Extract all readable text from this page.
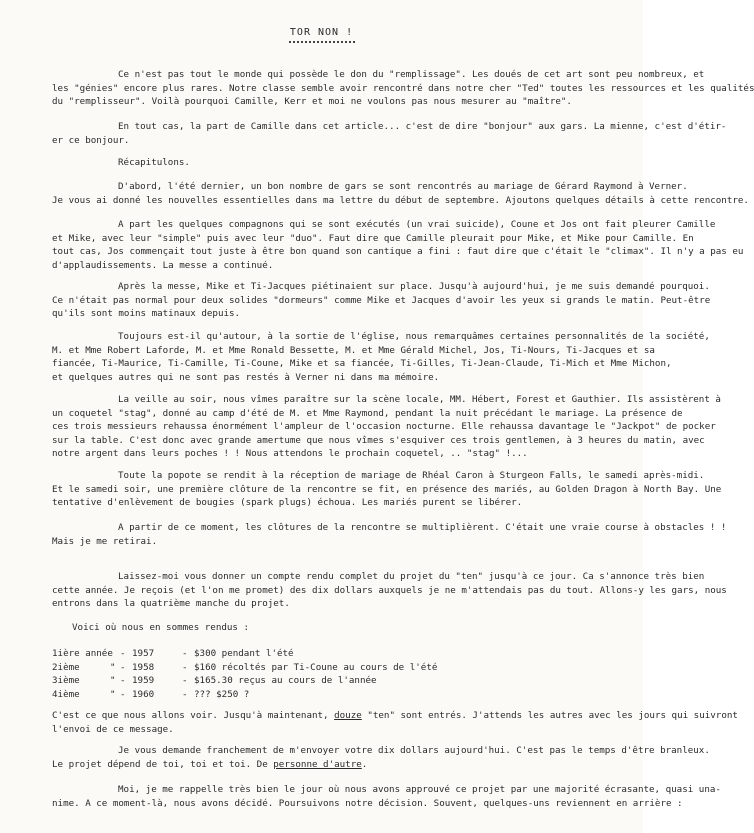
TOR NON !

Ce n'est pas tout le monde qui possède le don du "remplissage". Les doués de cet art sont peu nombreux, et
les "génies" encore plus rares. Notre classe semble avoir rencontré dans notre cher "Ted" toutes les ressources et les qualités
du "remplisseur". Voilà pourquoi Camille, Kerr et moi ne voulons pas nous mesurer au "maître".

En tout cas, la part de Camille dans cet article... c'est de dire "bonjour" aux gars. La mienne, c'est d'étir-
er ce bonjour.

Récapitulons.

D'abord, l'été dernier, un bon nombre de gars se sont rencontrés au mariage de Gérard Raymond à Verner.
Je vous ai donné les nouvelles essentielles dans ma lettre du début de septembre. Ajoutons quelques détails à cette rencontre.

A part les quelques compagnons qui se sont exécutés (un vrai suicide), Coune et Jos ont fait pleurer Camille
et Mike, avec leur "simple" puis avec leur "duo". Faut dire que Camille pleurait pour Mike, et Mike pour Camille. En
tout cas, Jos commençait tout juste à être bon quand son cantique a fini : faut dire que c'était le "climax". Il n'y a pas eu
d'applaudissements. La messe a continué.

Après la messe, Mike et Ti-Jacques piétinaient sur place. Jusqu'à aujourd'hui, je me suis demandé pourquoi.
Ce n'était pas normal pour deux solides "dormeurs" comme Mike et Jacques d'avoir les yeux si grands le matin. Peut-être
qu'ils sont moins matinaux depuis.

Toujours est-il qu'autour, à la sortie de l'église, nous remarquâmes certaines personnalités de la société,
M. et Mme Robert Laforde, M. et Mme Ronald Bessette, M. et Mme Gérald Michel, Jos, Ti-Nours, Ti-Jacques et sa
fiancée, Ti-Maurice, Ti-Camille, Ti-Coune, Mike et sa fiancée, Ti-Gilles, Ti-Jean-Claude, Ti-Mich et Mme Michon,
et quelques autres qui ne sont pas restés à Verner ni dans ma mémoire.

La veille au soir, nous vîmes paraître sur la scène locale, MM. Hébert, Forest et Gauthier. Ils assistèrent à
un coquetel "stag", donné au camp d'été de M. et Mme Raymond, pendant la nuit précédant le mariage. La présence de
ces trois messieurs rehaussa énormément l'ampleur de l'occasion nocturne. Elle rehaussa davantage le "Jackpot" de pocker
sur la table. C'est donc avec grande amertume que nous vîmes s'esquiver ces trois gentlemen, à 3 heures du matin, avec
notre argent dans leurs poches ! ! Nous attendons le prochain coquetel, .. "stag" !...

Toute la popote se rendit à la réception de mariage de Rhéal Caron à Sturgeon Falls, le samedi après-midi.
Et le samedi soir, une première clôture de la rencontre se fit, en présence des mariés, au Golden Dragon à North Bay. Une
tentative d'enlèvement de bougies (spark plugs) échoua. Les mariés purent se libérer.

A partir de ce moment, les clôtures de la rencontre se multiplièrent. C'était une vraie course à obstacles ! !
Mais je me retirai.

Laissez-moi vous donner un compte rendu complet du projet du "ten" jusqu'à ce jour. Ca s'annonce très bien
cette année. Je reçois (et l'on me promet) des dix dollars auxquels je ne m'attendais pas du tout. Allons-y les gars, nous
entrons dans la quatrième manche du projet.

Voici où nous en sommes rendus :

1ière année - 1957	- $300 pendant l'été
2ième	" - 1958	- $160 récoltés par Ti-Coune au cours de l'été
3ième	" - 1959	- $165.30 reçus au cours de l'année
4ième	" - 1960	- ??? $250 ?

C'est ce que nous allons voir. Jusqu'à maintenant, douze "ten" sont entrés. J'attends les autres avec les jours qui suivront
l'envoi de ce message.

Je vous demande franchement de m'envoyer votre dix dollars aujourd'hui. C'est pas le temps d'être branleux.
Le projet dépend de toi, toi et toi. De personne d'autre.

Moi, je me rappelle très bien le jour où nous avons approuvé ce projet par une majorité écrasante, quasi una-
nime. A ce moment-là, nous avons décidé. Poursuivons notre décision. Souvent, quelques-uns reviennent en arrière :
